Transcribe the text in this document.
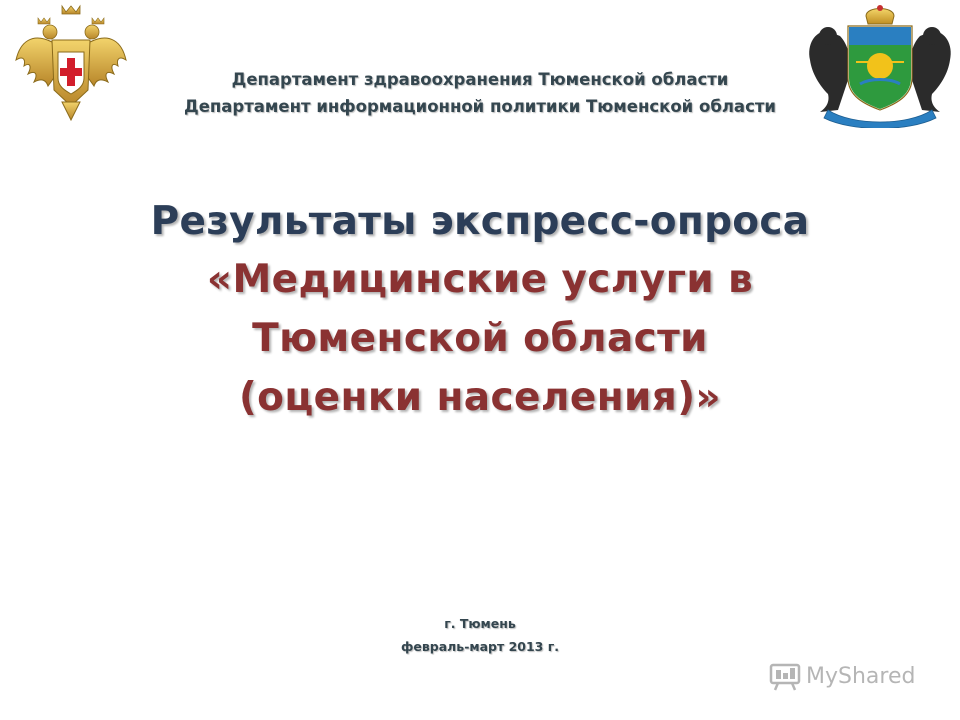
Департамент здравоохранения Тюменской области
Департамент информационной политики Тюменской области
Результаты экспресс-опроса
«Медицинские услуги в
Тюменской области
(оценки населения)»
г. Тюмень
февраль-март 2013 г.
MyShared
